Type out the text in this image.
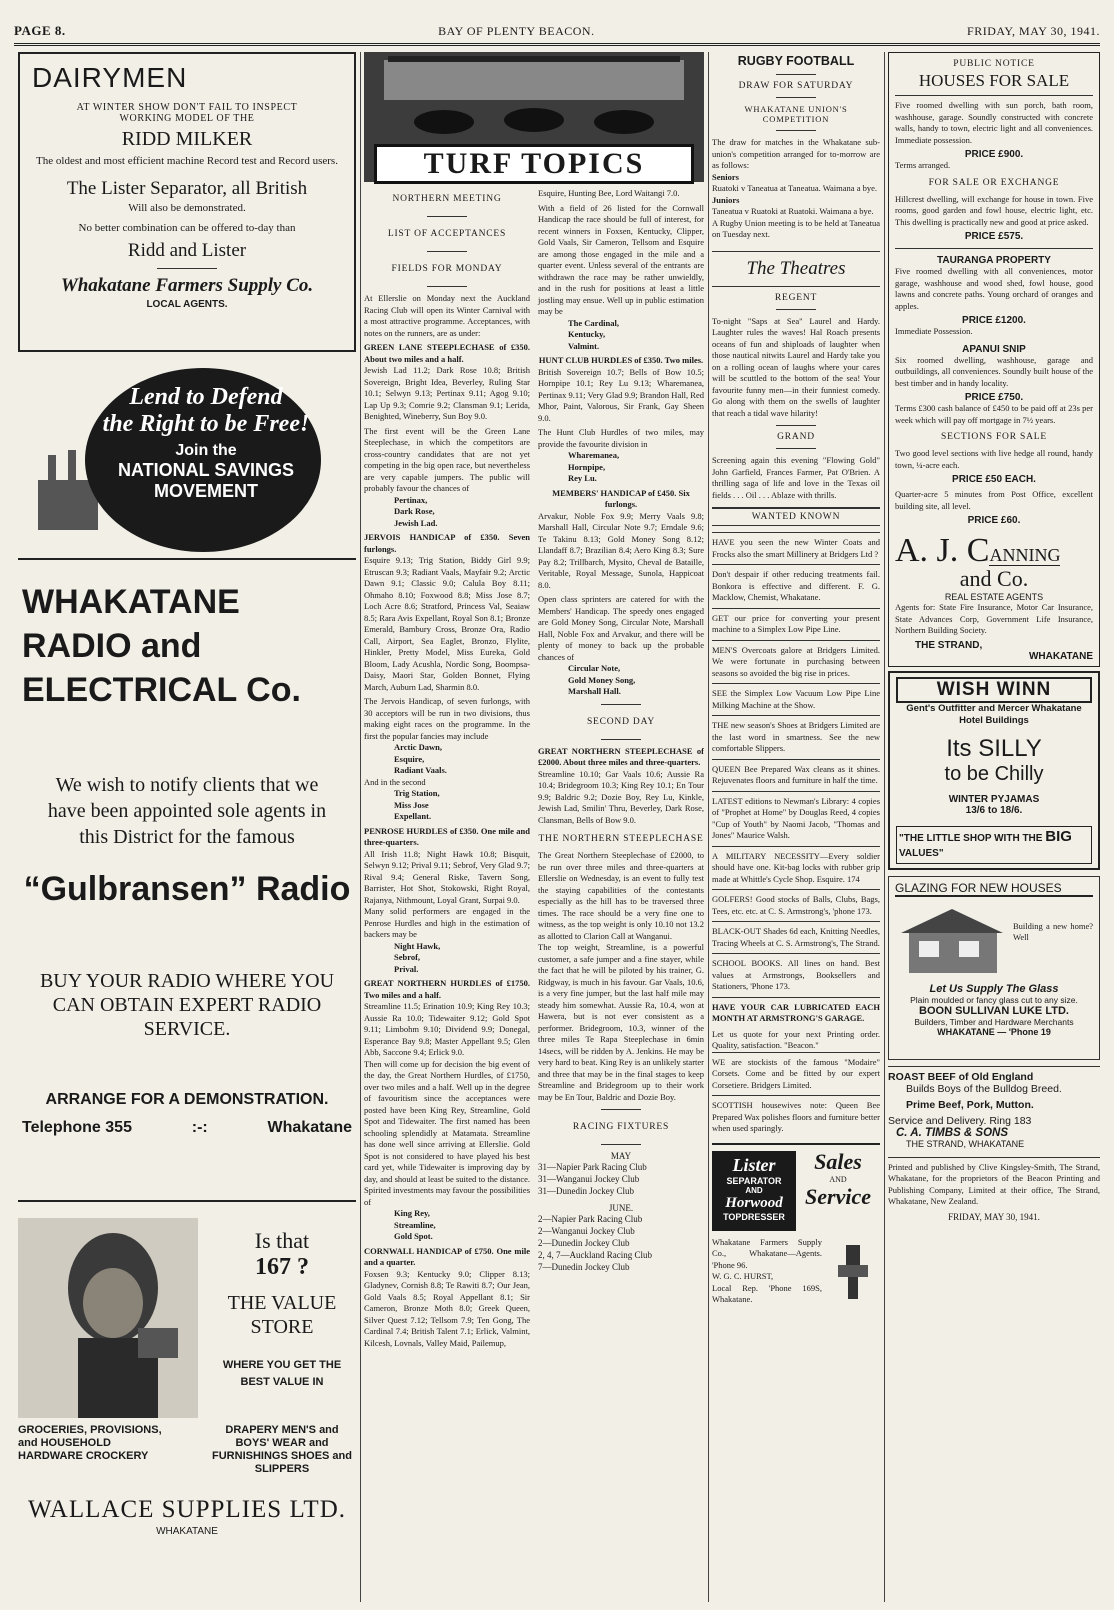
PAGE 8.	BAY OF PLENTY BEACON.	FRIDAY, MAY 30, 1941.
DAIRYMEN
AT WINTER SHOW DON'T FAIL TO INSPECT WORKING MODEL OF THE
RIDD MILKER
The oldest and most efficient machine Record test and Record users.
The Lister Separator, all British
Will also be demonstrated.
No better combination can be offered to-day than
Ridd and Lister
Whakatane Farmers Supply Co.
LOCAL AGENTS.
Lend to Defend
the Right to be Free!
Join the
NATIONAL SAVINGS
MOVEMENT
WHAKATANE RADIO and ELECTRICAL Co.
We wish to notify clients that we have been appointed sole agents in this District for the famous
“Gulbransen” Radio
BUY YOUR RADIO WHERE YOU CAN OBTAIN EXPERT RADIO SERVICE.
ARRANGE FOR A DEMONSTRATION.
Telephone 355	:-:	Whakatane
Is that
167 ?
THE VALUE STORE
WHERE YOU GET THE BEST VALUE IN
GROCERIES, PROVISIONS, and HOUSEHOLD HARDWARE CROCKERY
DRAPERY MEN'S and BOYS' WEAR and FURNISHINGS SHOES and SLIPPERS
WALLACE SUPPLIES LTD.
WHAKATANE
TURF TOPICS
NORTHERN MEETING
LIST OF ACCEPTANCES
FIELDS FOR MONDAY
At Ellerslie on Monday next the Auckland Racing Club will open its Winter Carnival with a most attractive programme. Acceptances, with notes on the runners, are as under:
GREEN LANE STEEPLECHASE of £350. About two miles and a half.
Jewish Lad 11.2; Dark Rose 10.8; British Sovereign, Bright Idea, Beverley, Ruling Star 10.1; Selwyn 9.13; Pertinax 9.11; Agog 9.10; Lap Up 9.3; Comrie 9.2; Clansman 9.1; Lerida, Benighted, Wineberry, Sun Boy 9.0.
The first event will be the Green Lane Steeplechase, in which the competitors are cross-country candidates that are not yet competing in the big open race, but nevertheless are very capable jumpers. The public will probably favour the chances of
Pertinax,
Dark Rose,
Jewish Lad.
JERVOIS HANDICAP of £350. Seven furlongs.
Esquire 9.13; Trig Station, Biddy Girl 9.9; Etruscan 9.3; Radiant Vaals, Mayfair 9.2; Arctic Dawn 9.1; Classic 9.0; Calula Boy 8.11; Ohmaho 8.10; Foxwood 8.8; Miss Jose 8.7; Loch Acre 8.6; Stratford, Princess Val, Seaiaw 8.5; Rara Avis Expellant, Royal Son 8.1; Bronze Emerald, Bambury Cross, Bronze Ora, Radio Call, Airport, Sea Eaglet, Bronzo, Flylite, Hinkler, Pretty Model, Miss Eureka, Gold Bloom, Lady Acushla, Nordic Song, Boompsa-Daisy, Maori Star, Golden Bonnet, Flying March, Auburn Lad, Sharmin 8.0.
The Jervois Handicap, of seven furlongs, with 30 acceptors will be run in two divisions, thus making eight races on the programme. In the first the popular fancies may include
Arctic Dawn,
Esquire,
Radiant Vaals.
And in the second
Trig Station,
Miss Jose
Expellant.
PENROSE HURDLES of £350. One mile and three-quarters.
All Irish 11.8; Night Hawk 10.8; Bisquit, Selwyn 9.12; Prival 9.11; Sebrof, Very Glad 9.7; Rival 9.4; General Riske, Tavern Song, Barrister, Hot Shot, Stokowski, Right Royal, Rajanya, Nithmount, Loyal Grant, Surpai 9.0.
Many solid performers are engaged in the Penrose Hurdles and high in the estimation of backers may be
Night Hawk,
Sebrof,
Prival.
GREAT NORTHERN HURDLES of £1750. Two miles and a half.
Streamline 11.5; Erination 10.9; King Rey 10.3; Aussie Ra 10.0; Tidewaiter 9.12; Gold Spot 9.11; Limbohm 9.10; Dividend 9.9; Donegal, Esperance Bay 9.8; Master Appellant 9.5; Glen Abb, Saccone 9.4; Erlick 9.0.
Then will come up for decision the big event of the day, the Great Northern Hurdles, of £1750, over two miles and a half. Well up in the degree of favouritism since the acceptances were posted have been King Rey, Streamline, Gold Spot and Tidewaiter. The first named has been schooling splendidly at Matamata. Streamline has done well since arriving at Ellerslie. Gold Spot is not considered to have played his best card yet, while Tidewaiter is improving day by day, and should at least be suited to the distance. Spirited investments may favour the possibilities of
King Rey,
Streamline,
Gold Spot.
CORNWALL HANDICAP of £750. One mile and a quarter.
Foxsen 9.3; Kentucky 9.0; Clipper 8.13; Gladynev, Cornish 8.8; Te Rawiti 8.7; Our Jean, Gold Vaals 8.5; Royal Appellant 8.1; Sir Cameron, Bronze Moth 8.0; Greek Queen, Silver Quest 7.12; Tellsom 7.9; Ten Gong, The Cardinal 7.4; British Talent 7.1; Erlick, Valmint, Kilcesh, Lovnals, Valley Maid, Pailemup,
Esquire, Hunting Bee, Lord Waitangi 7.0.
With a field of 26 listed for the Cornwall Handicap the race should be full of interest, for recent winners in Foxsen, Kentucky, Clipper, Gold Vaals, Sir Cameron, Tellsom and Esquire are among those engaged in the mile and a quarter event. Unless several of the entrants are withdrawn the race may be rather unwieldly, and in the rush for positions at least a little jostling may ensue. Well up in public estimation may be
The Cardinal,
Kentucky,
Valmint.
HUNT CLUB HURDLES of £350. Two miles.
British Sovereign 10.7; Bells of Bow 10.5; Hornpipe 10.1; Rey Lu 9.13; Wharemanea, Pertinax 9.11; Very Glad 9.9; Brandon Hall, Red Mhor, Paint, Valorous, Sir Frank, Gay Sheen 9.0.
The Hunt Club Hurdles of two miles, may provide the favourite division in
Wharemanea,
Hornpipe,
Rey Lu.
MEMBERS' HANDICAP of £450. Six furlongs.
Arvakur, Noble Fox 9.9; Merry Vaals 9.8; Marshall Hall, Circular Note 9.7; Erndale 9.6; Te Takinu 8.13; Gold Money Song 8.12; Llandaff 8.7; Brazilian 8.4; Aero King 8.3; Sure Pay 8.2; Trillbarch, Mysito, Cheval de Bataille, Veritable, Royal Message, Sunola, Happicoat 8.0.
Open class sprinters are catered for with the Members' Handicap. The speedy ones engaged are Gold Money Song, Circular Note, Marshall Hall, Noble Fox and Arvakur, and there will be plenty of money to back up the probable chances of
Circular Note,
Gold Money Song,
Marshall Hall.
SECOND DAY
GREAT NORTHERN STEEPLECHASE of £2000. About three miles and three-quarters.
Streamline 10.10; Gar Vaals 10.6; Aussie Ra 10.4; Bridegroom 10.3; King Rey 10.1; En Tour 9.9; Baldric 9.2; Dozie Boy, Rey Lu, Kinkle, Jewish Lad, Smilin' Thru, Beverley, Dark Rose, Clansman, Bells of Bow 9.0.
THE NORTHERN STEEPLECHASE
The Great Northern Steeplechase of £2000, to be run over three miles and three-quarters at Ellerslie on Wednesday, is an event to fully test the staying capabilities of the contestants especially as the hill has to be traversed three times. The race should be a very fine one to witness, as the top weight is only 10.10 not 13.2 as allotted to Clarion Call at Wanganui.
The top weight, Streamline, is a powerful customer, a safe jumper and a fine stayer, while the fact that he will be piloted by his trainer, G. Ridgway, is much in his favour. Gar Vaals, 10.6, is a very fine jumper, but the last half mile may steady him somewhat. Aussie Ra, 10.4, won at Hawera, but is not ever consistent as a performer. Bridegroom, 10.3, winner of the three miles Te Rapa Steeplechase in 6min 14secs, will be ridden by A. Jenkins. He may be very hard to beat. King Rey is an unlikely starter and three that may be in the final stages to keep Streamline and Bridegroom up to their work may be En Tour, Baldric and Dozie Boy.
RACING FIXTURES
MAY
31—Napier Park Racing Club
31—Wanganui Jockey Club
31—Dunedin Jockey Club
JUNE.
2—Napier Park Racing Club
2—Wanganui Jockey Club
2—Dunedin Jockey Club
2, 4, 7—Auckland Racing Club
7—Dunedin Jockey Club
RUGBY FOOTBALL
DRAW FOR SATURDAY
WHAKATANE UNION'S COMPETITION
The draw for matches in the Whakatane sub-union's competition arranged for to-morrow are as follows:
Seniors
Ruatoki v Taneatua at Taneatua. Waimana a bye.
Juniors
Taneatua v Ruatoki at Ruatoki. Waimana a bye.
A Rugby Union meeting is to be held at Taneatua on Tuesday next.
The Theatres
REGENT
To-night "Saps at Sea" Laurel and Hardy. Laughter rules the waves! Hal Roach presents oceans of fun and shiploads of laughter when those nautical nitwits Laurel and Hardy take you on a rolling ocean of laughs where your cares will be scuttled to the bottom of the sea! Your favourite funny men—in their funniest comedy. Go along with them on the swells of laughter that reach a tidal wave hilarity!
GRAND
Screening again this evening "Flowing Gold" John Garfield, Frances Farmer, Pat O'Brien. A thrilling saga of life and love in the Texas oil fields . . . Oil . . . Ablaze with thrills.
WANTED KNOWN
HAVE you seen the new Winter Coats and Frocks also the smart Millinery at Bridgers Ltd ?
Don't despair if other reducing treatments fail. Bonkora is effective and different. F. G. Macklow, Chemist, Whakatane.
GET our price for converting your present machine to a Simplex Low Pipe Line.
MEN'S Overcoats galore at Bridgers Limited. We were fortunate in purchasing between seasons so avoided the big rise in prices.
SEE the Simplex Low Vacuum Low Pipe Line Milking Machine at the Show.
THE new season's Shoes at Bridgers Limited are the last word in smartness. See the new comfortable Slippers.
QUEEN Bee Prepared Wax cleans as it shines. Rejuvenates floors and furniture in half the time.
LATEST editions to Newman's Library: 4 copies of "Prophet at Home" by Douglas Reed, 4 copies "Cup of Youth" by Naomi Jacob, "Thomas and Jones" Maurice Walsh.
A MILITARY NECESSITY—Every soldier should have one. Kit-bag locks with rubber grip made at Whittle's Cycle Shop. Esquire. 174
GOLFERS! Good stocks of Balls, Clubs, Bags, Tees, etc. etc. at C. S. Armstrong's, 'phone 173.
BLACK-OUT Shades 6d each, Knitting Needles, Tracing Wheels at C. S. Armstrong's, The Strand.
SCHOOL BOOKS. All lines on hand. Best values at Armstrongs, Booksellers and Stationers, 'Phone 173.
HAVE YOUR CAR LUBRICATED EACH MONTH AT ARMSTRONG'S GARAGE.
Let us quote for your next Printing order. Quality, satisfaction. "Beacon."
WE are stockists of the famous "Modaire" Corsets. Come and be fitted by our expert Corsetiere. Bridgers Limited.
SCOTTISH housewives note: Queen Bee Prepared Wax polishes floors and furniture better when used sparingly.
Lister
SEPARATOR
AND
Horwood
TOPDRESSER
Sales
AND
Service
Whakatane Farmers Supply Co., Whakatane—Agents. 'Phone 96.
W. G. C. HURST,
Local Rep. 'Phone 169S, Whakatane.
PUBLIC NOTICE
HOUSES FOR SALE
Five roomed dwelling with sun porch, bath room, washhouse, garage. Soundly constructed with concrete walls, handy to town, electric light and all conveniences. Immediate possession.
PRICE £900.
Terms arranged.
FOR SALE OR EXCHANGE
Hillcrest dwelling, will exchange for house in town. Five rooms, good garden and fowl house, electric light, etc. This dwelling is practically new and good at price asked.
PRICE £575.
TAURANGA PROPERTY
Five roomed dwelling with all conveniences, motor garage, washhouse and wood shed, fowl house, good lawns and concrete paths. Young orchard of oranges and apples.
PRICE £1200.
Immediate Possession.
APANUI SNIP
Six roomed dwelling, washhouse, garage and outbuildings, all conveniences. Soundly built house of the best timber and in handy locality.
PRICE £750.
Terms £300 cash balance of £450 to be paid off at 23s per week which will pay off mortgage in 7½ years.
SECTIONS FOR SALE
Two good level sections with live hedge all round, handy town, ¼-acre each.
PRICE £50 EACH.
Quarter-acre 5 minutes from Post Office, excellent building site, all level.
PRICE £60.
A. J. CANNING
and Co.
REAL ESTATE AGENTS
Agents for: State Fire Insurance, Motor Car Insurance, State Advances Corp, Government Life Insurance, Northern Building Society.
THE STRAND,
WHAKATANE
WISH WINN
Gent's Outfitter and Mercer Whakatane Hotel Buildings
Its SILLY
to be Chilly
WINTER PYJAMAS
13/6 to 18/6.
"THE LITTLE SHOP WITH THE BIG VALUES"
GLAZING FOR NEW HOUSES
Building a new home? Well
Let Us Supply The Glass
Plain moulded or fancy glass cut to any size.
BOON SULLIVAN LUKE LTD.
Builders, Timber and Hardware Merchants
WHAKATANE — 'Phone 19
ROAST BEEF of Old England
Builds Boys of the Bulldog Breed.
Prime Beef, Pork, Mutton.
Service and Delivery. Ring 183
C. A. TIMBS & SONS
THE STRAND, WHAKATANE
Printed and published by Clive Kingsley-Smith, The Strand, Whakatane, for the proprietors of the Beacon Printing and Publishing Company, Limited at their office, The Strand, Whakatane, New Zealand.
FRIDAY, MAY 30, 1941.
